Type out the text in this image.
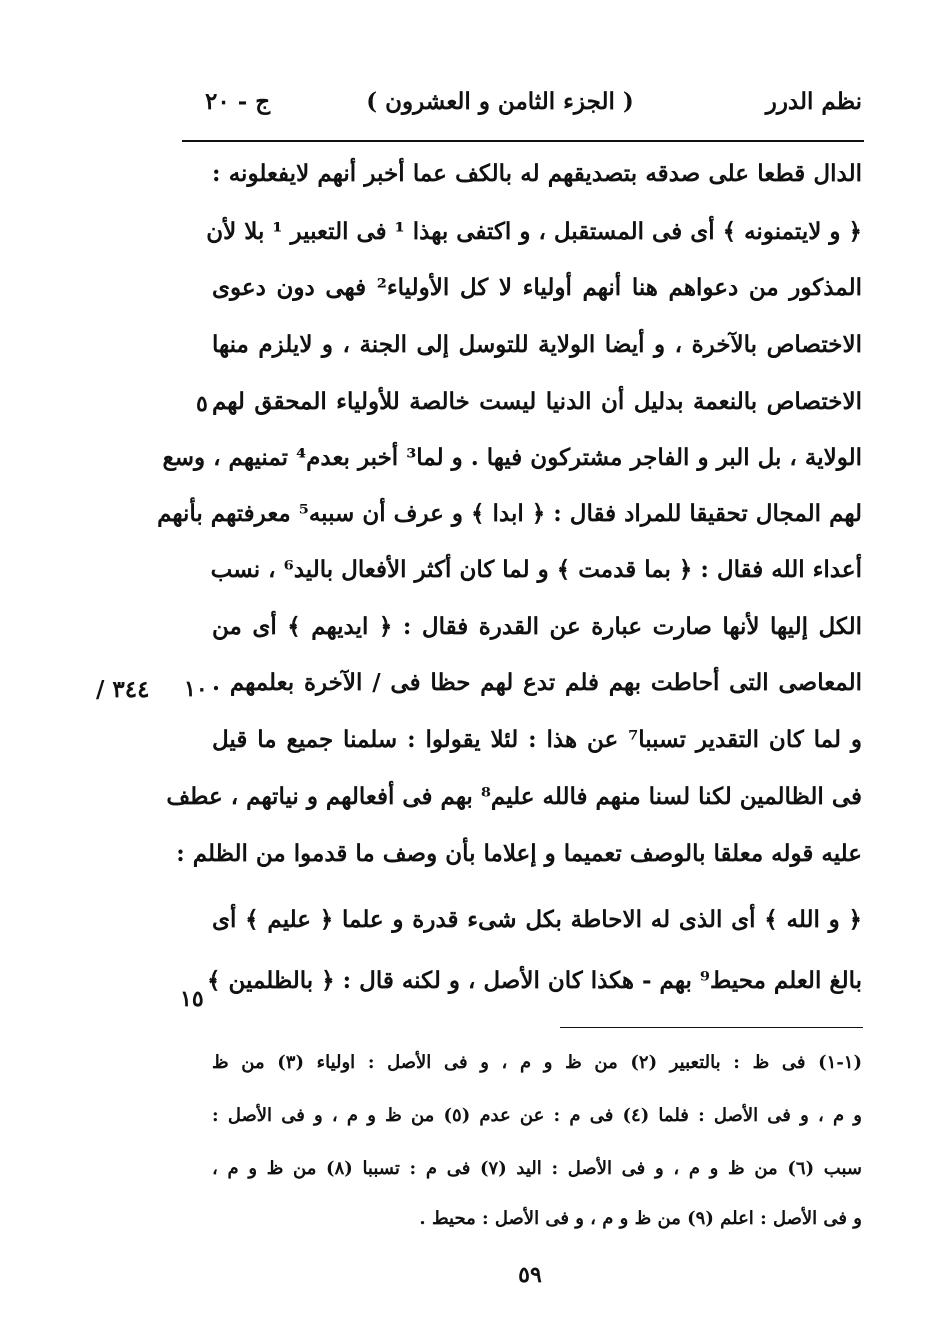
نظم الدرر
( الجزء الثامن و العشرون )
ج - ٢٠
الدال قطعا على صدقه بتصديقهم له بالكف عما أخبر أنهم لايفعلونه :
﴿ و لايتمنونه ﴾ أى فى المستقبل ، و اكتفى بهذا ¹ فى التعبير ¹ بلا لأن
المذكور من دعواهم هنا أنهم أولياء لا كل الأولياء² فهى دون دعوى
الاختصاص بالآخرة ، و أيضا الولاية للتوسل إلى الجنة ، و لايلزم منها
الاختصاص بالنعمة بدليل أن الدنيا ليست خالصة للأولياء المحقق لهم
الولاية ، بل البر و الفاجر مشتركون فيها . و لما³ أخبر بعدم⁴ تمنيهم ، وسع
لهم المجال تحقيقا للمراد فقال : ﴿ ابدا ﴾ و عرف أن سببه⁵ معرفتهم بأنهم
أعداء الله فقال : ﴿ بما قدمت ﴾ و لما كان أكثر الأفعال باليد⁶ ، نسب
الكل إليها لأنها صارت عبارة عن القدرة فقال : ﴿ ايديهم ﴾ أى من
المعاصى التى أحاطت بهم فلم تدع لهم حظا فى / الآخرة بعلمهم .
و لما كان التقدير تسببا⁷ عن هذا : لئلا يقولوا : سلمنا جميع ما قيل
فى الظالمين لكنا لسنا منهم فالله عليم⁸ بهم فى أفعالهم و نياتهم ، عطف
عليه قوله معلقا بالوصف تعميما و إعلاما بأن وصف ما قدموا من الظلم :
﴿ و الله ﴾ أى الذى له الاحاطة بكل شىء قدرة و علما ﴿ عليم ﴾ أى
بالغ العلم محيط⁹ بهم - هكذا كان الأصل ، و لكنه قال : ﴿ بالظلمين ﴾
٥
١٠
١٥
٣٤٤ /
(١-١) فى ظ : بالتعبير (٢) من ظ و م ، و فى الأصل : اولياء (٣) من ظ
و م ، و فى الأصل : فلما (٤) فى م : عن عدم (٥) من ظ و م ، و فى الأصل :
سبب (٦) من ظ و م ، و فى الأصل : اليد (٧) فى م : تسببا (٨) من ظ و م ،
و فى الأصل : اعلم (٩) من ظ و م ، و فى الأصل : محيط .
٥٩
